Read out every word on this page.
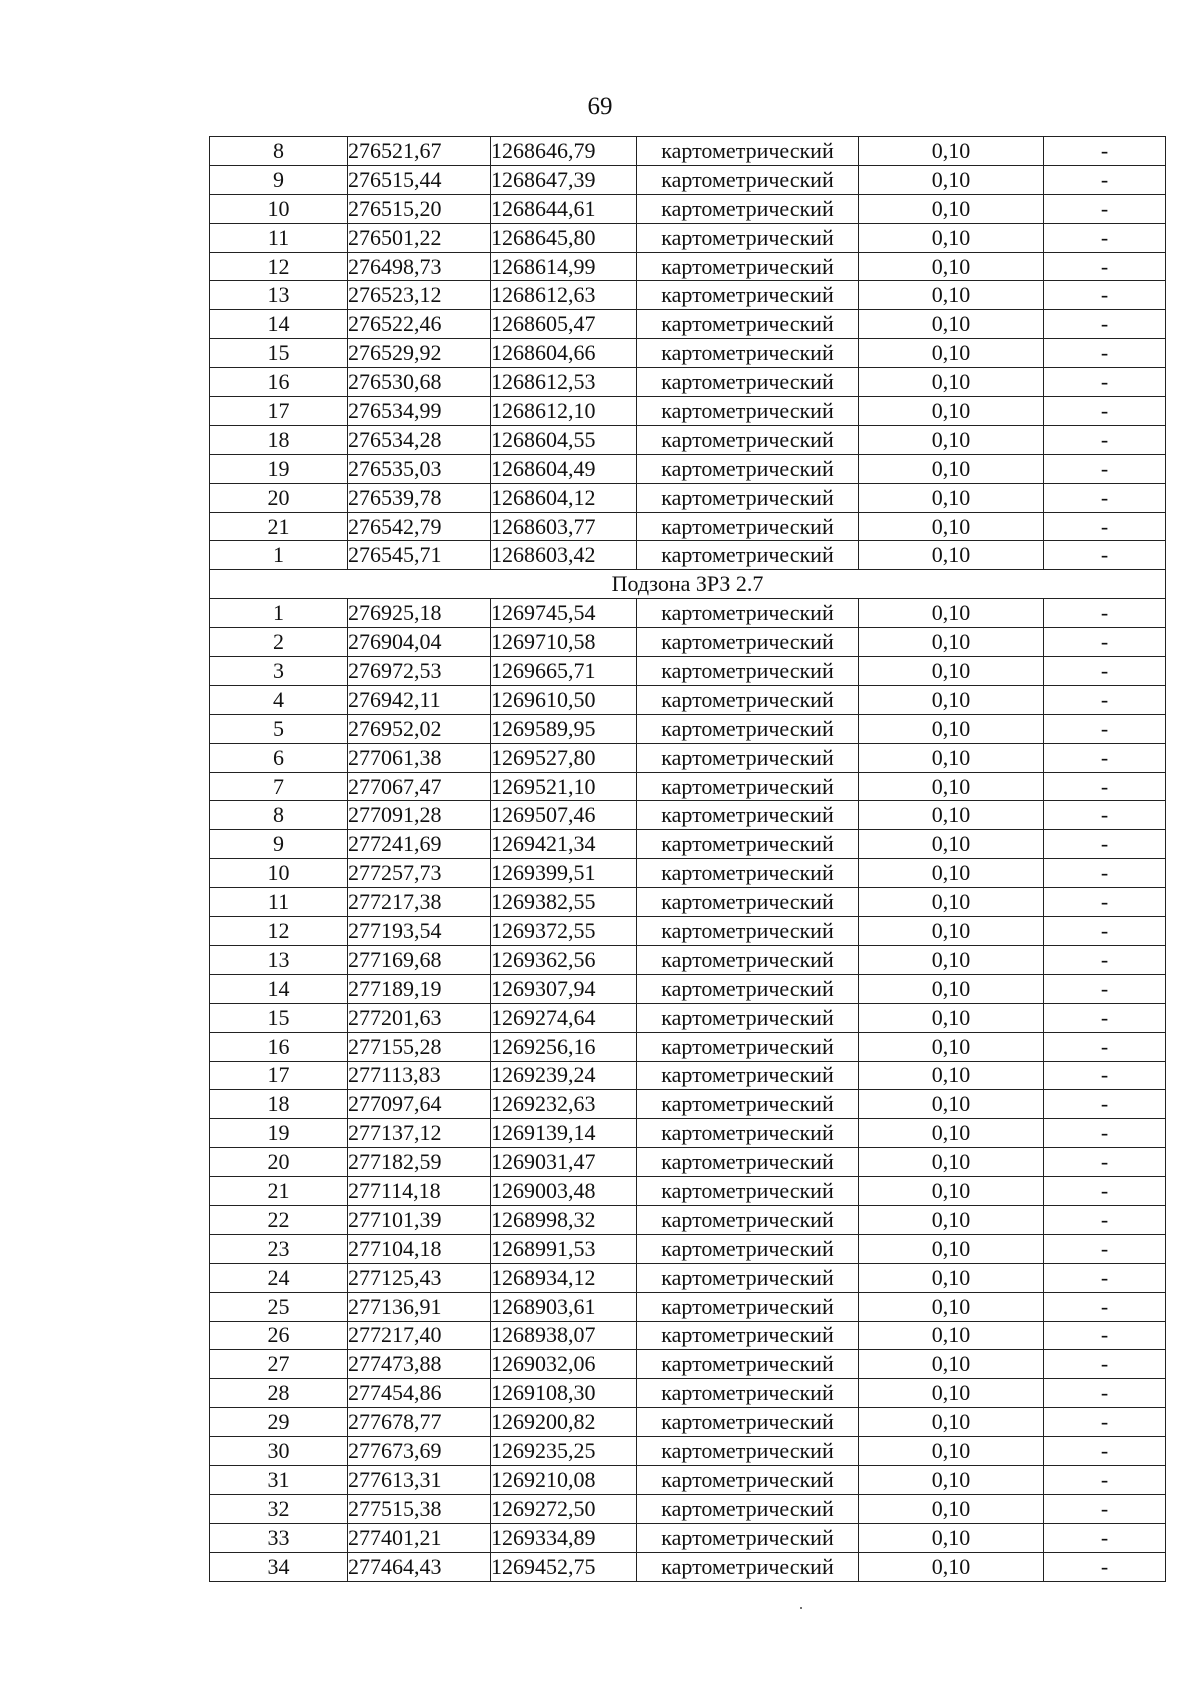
69
8	276521,67	1268646,79	картометрический	0,10	-
9	276515,44	1268647,39	картометрический	0,10	-
10	276515,20	1268644,61	картометрический	0,10	-
11	276501,22	1268645,80	картометрический	0,10	-
12	276498,73	1268614,99	картометрический	0,10	-
13	276523,12	1268612,63	картометрический	0,10	-
14	276522,46	1268605,47	картометрический	0,10	-
15	276529,92	1268604,66	картометрический	0,10	-
16	276530,68	1268612,53	картометрический	0,10	-
17	276534,99	1268612,10	картометрический	0,10	-
18	276534,28	1268604,55	картометрический	0,10	-
19	276535,03	1268604,49	картометрический	0,10	-
20	276539,78	1268604,12	картометрический	0,10	-
21	276542,79	1268603,77	картометрический	0,10	-
1	276545,71	1268603,42	картометрический	0,10	-
Подзона ЗРЗ 2.7					
1	276925,18	1269745,54	картометрический	0,10	-
2	276904,04	1269710,58	картометрический	0,10	-
3	276972,53	1269665,71	картометрический	0,10	-
4	276942,11	1269610,50	картометрический	0,10	-
5	276952,02	1269589,95	картометрический	0,10	-
6	277061,38	1269527,80	картометрический	0,10	-
7	277067,47	1269521,10	картометрический	0,10	-
8	277091,28	1269507,46	картометрический	0,10	-
9	277241,69	1269421,34	картометрический	0,10	-
10	277257,73	1269399,51	картометрический	0,10	-
11	277217,38	1269382,55	картометрический	0,10	-
12	277193,54	1269372,55	картометрический	0,10	-
13	277169,68	1269362,56	картометрический	0,10	-
14	277189,19	1269307,94	картометрический	0,10	-
15	277201,63	1269274,64	картометрический	0,10	-
16	277155,28	1269256,16	картометрический	0,10	-
17	277113,83	1269239,24	картометрический	0,10	-
18	277097,64	1269232,63	картометрический	0,10	-
19	277137,12	1269139,14	картометрический	0,10	-
20	277182,59	1269031,47	картометрический	0,10	-
21	277114,18	1269003,48	картометрический	0,10	-
22	277101,39	1268998,32	картометрический	0,10	-
23	277104,18	1268991,53	картометрический	0,10	-
24	277125,43	1268934,12	картометрический	0,10	-
25	277136,91	1268903,61	картометрический	0,10	-
26	277217,40	1268938,07	картометрический	0,10	-
27	277473,88	1269032,06	картометрический	0,10	-
28	277454,86	1269108,30	картометрический	0,10	-
29	277678,77	1269200,82	картометрический	0,10	-
30	277673,69	1269235,25	картометрический	0,10	-
31	277613,31	1269210,08	картометрический	0,10	-
32	277515,38	1269272,50	картометрический	0,10	-
33	277401,21	1269334,89	картометрический	0,10	-
34	277464,43	1269452,75	картометрический	0,10	-
